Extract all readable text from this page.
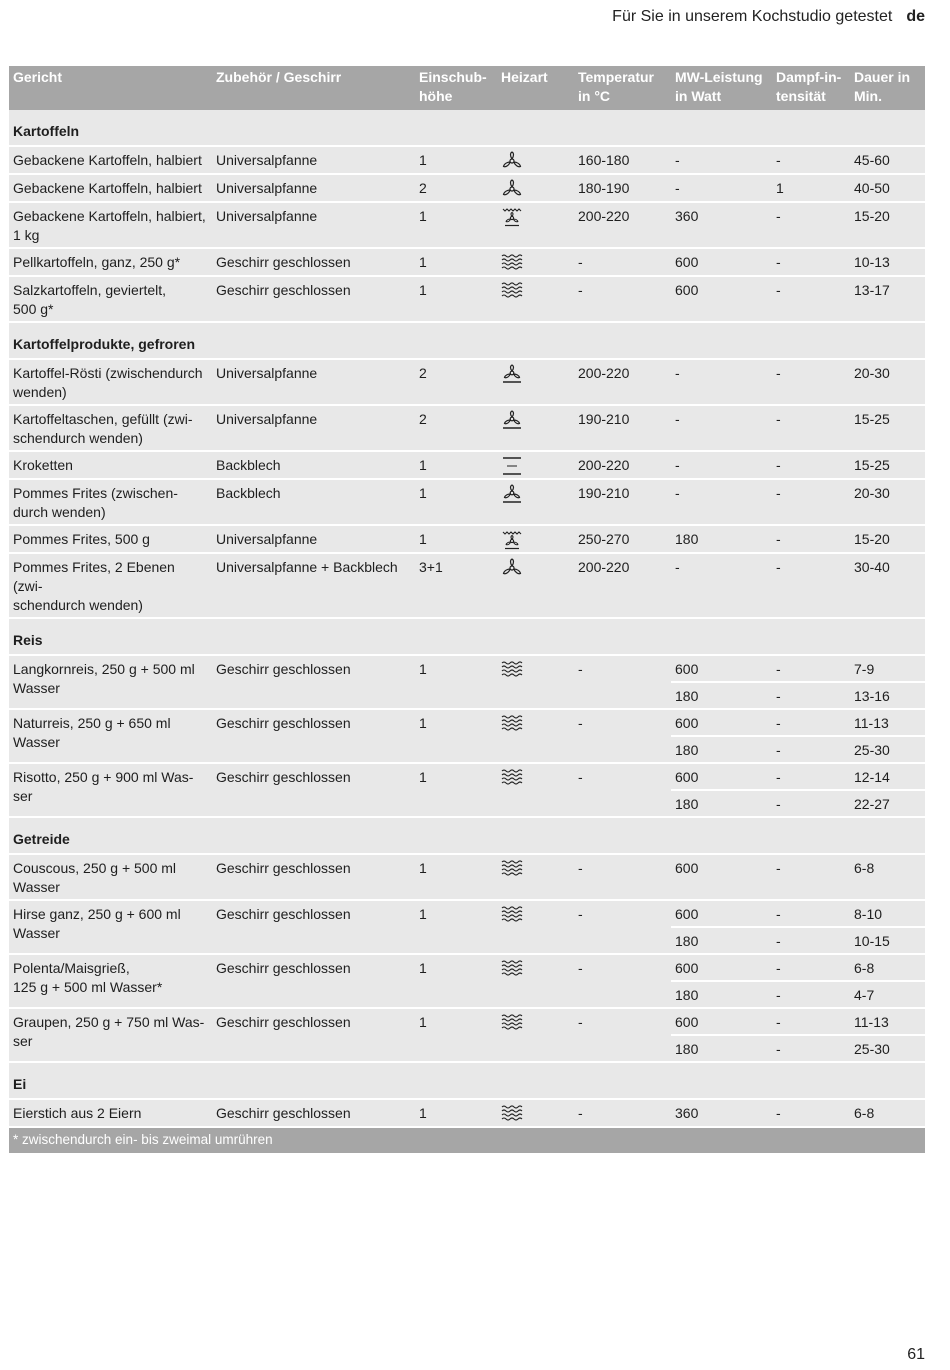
Für Sie in unserem Kochstudio getestet de
Gericht	Zubehör / Geschirr	Einschub-
höhe	Heizart	Temperatur
in °C	MW-Leistung
in Watt	Dampf-in-
tensität	Dauer in
Min.
Kartoffeln							
Gebackene Kartoffeln, halbiert	Universalpfanne	1		160-180	-	-	45-60
Gebackene Kartoffeln, halbiert	Universalpfanne	2		180-190	-	1	40-50
Gebackene Kartoffeln, halbiert,
1 kg	Universalpfanne	1		200-220	360	-	15-20
Pellkartoffeln, ganz, 250 g*	Geschirr geschlossen	1		-	600	-	10-13
Salzkartoffeln, geviertelt,
500 g*	Geschirr geschlossen	1		-	600	-	13-17
Kartoffelprodukte, gefroren							
Kartoffel-Rösti (zwischendurch
wenden)	Universalpfanne	2		200-220	-	-	20-30
Kartoffeltaschen, gefüllt (zwi-
schendurch wenden)	Universalpfanne	2		190-210	-	-	15-25
Kroketten	Backblech	1		200-220	-	-	15-25
Pommes Frites (zwischen-
durch wenden)	Backblech	1		190-210	-	-	20-30
Pommes Frites, 500 g	Universalpfanne	1		250-270	180	-	15-20
Pommes Frites, 2 Ebenen (zwi-
schendurch wenden)	Universalpfanne + Backblech	3+1		200-220	-	-	30-40
Reis							
Langkornreis, 250 g + 500 ml
Wasser	Geschirr geschlossen	1		-	600	-	7-9
					180	-	13-16
Naturreis, 250 g + 650 ml
Wasser	Geschirr geschlossen	1		-	600	-	11-13
					180	-	25-30
Risotto, 250 g + 900 ml Was-
ser	Geschirr geschlossen	1		-	600	-	12-14
					180	-	22-27
Getreide							
Couscous, 250 g + 500 ml
Wasser	Geschirr geschlossen	1		-	600	-	6-8
Hirse ganz, 250 g + 600 ml
Wasser	Geschirr geschlossen	1		-	600	-	8-10
					180	-	10-15
Polenta/Maisgrieß,
125 g + 500 ml Wasser*	Geschirr geschlossen	1		-	600	-	6-8
					180	-	4-7
Graupen, 250 g + 750 ml Was-
ser	Geschirr geschlossen	1		-	600	-	11-13
					180	-	25-30
Ei							
Eierstich aus 2 Eiern	Geschirr geschlossen	1		-	360	-	6-8
* zwischendurch ein- bis zweimal umrühren							
61
